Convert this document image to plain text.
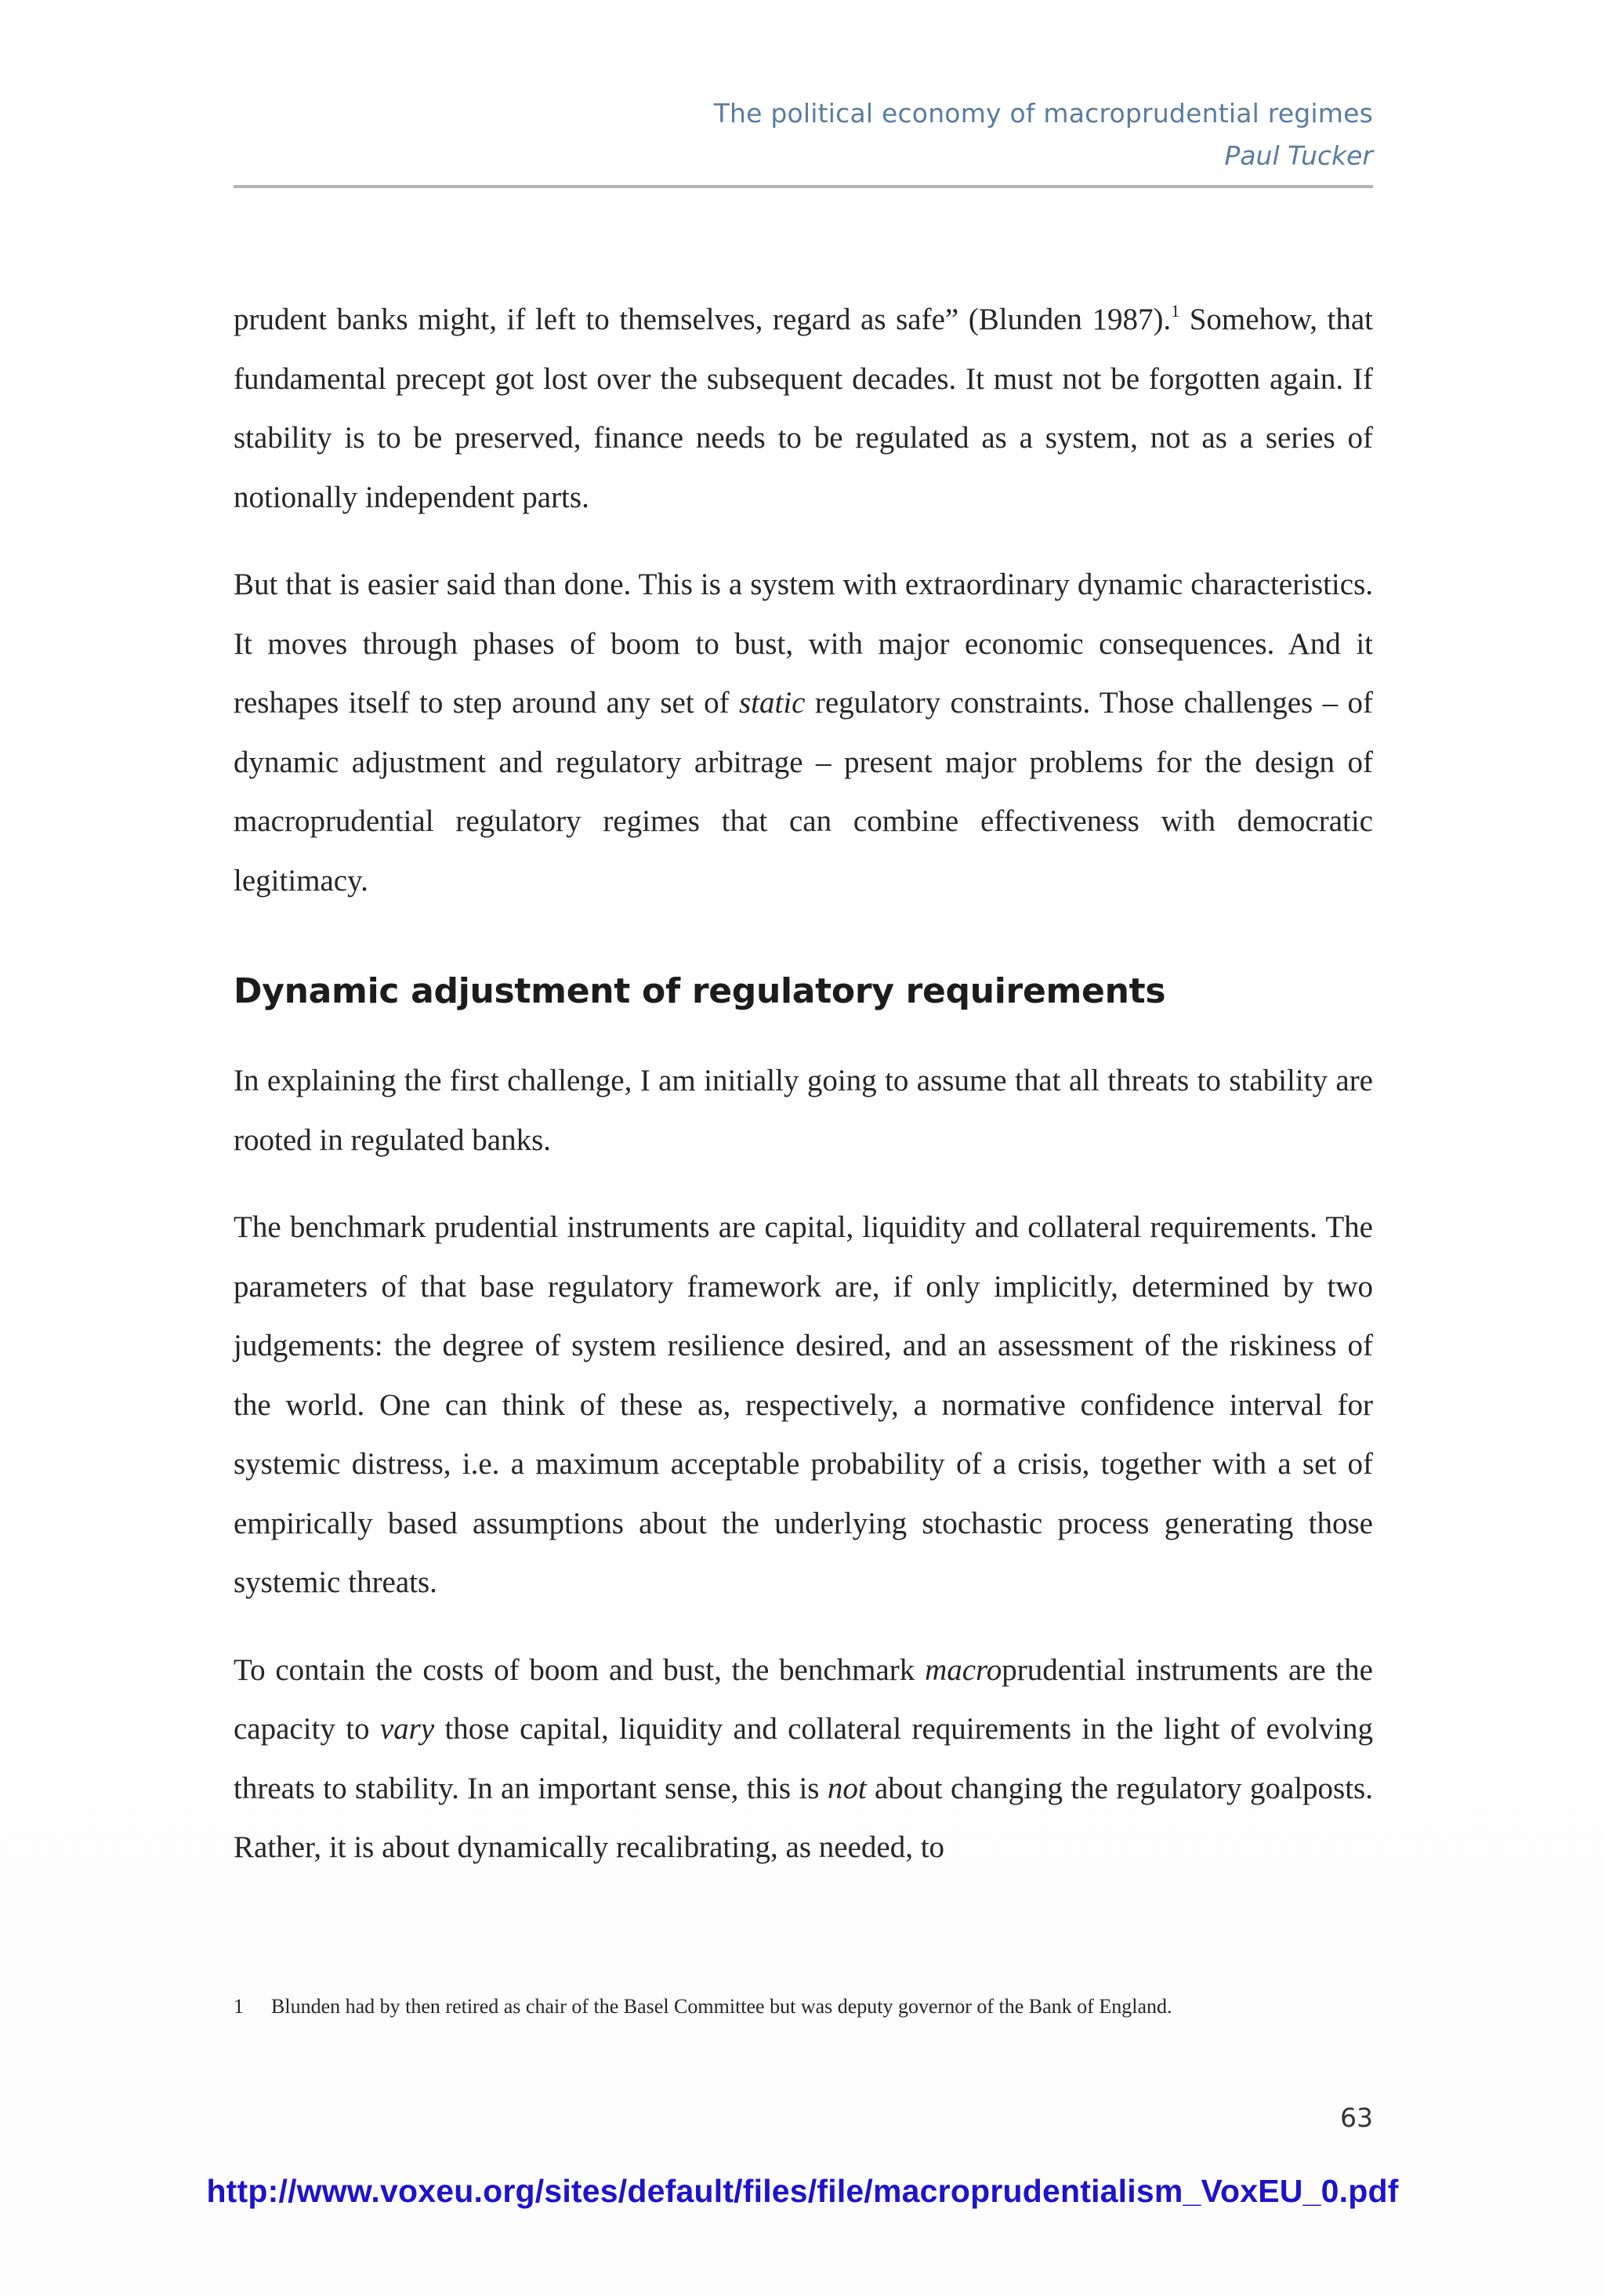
The political economy of macroprudential regimes
Paul Tucker

prudent banks might, if left to themselves, regard as safe” (Blunden 1987).$^1$ Somehow, that fundamental precept got lost over the subsequent decades. It must not be forgotten again. If stability is to be preserved, finance needs to be regulated as a system, not as a series of notionally independent parts.

But that is easier said than done. This is a system with extraordinary dynamic characteristics. It moves through phases of boom to bust, with major economic consequences. And it reshapes itself to step around any set of static regulatory constraints. Those challenges – of dynamic adjustment and regulatory arbitrage – present major problems for the design of macroprudential regulatory regimes that can combine effectiveness with democratic legitimacy.

Dynamic adjustment of regulatory requirements

In explaining the first challenge, I am initially going to assume that all threats to stability are rooted in regulated banks.

The benchmark prudential instruments are capital, liquidity and collateral requirements. The parameters of that base regulatory framework are, if only implicitly, determined by two judgements: the degree of system resilience desired, and an assessment of the riskiness of the world. One can think of these as, respectively, a normative confidence interval for systemic distress, i.e. a maximum acceptable probability of a crisis, together with a set of empirically based assumptions about the underlying stochastic process generating those systemic threats.

To contain the costs of boom and bust, the benchmark macroprudential instruments are the capacity to vary those capital, liquidity and collateral requirements in the light of evolving threats to stability. In an important sense, this is not about changing the regulatory goalposts. Rather, it is about dynamically recalibrating, as needed, to

1 Blunden had by then retired as chair of the Basel Committee but was deputy governor of the Bank of England.
63
http://www.voxeu.org/sites/default/files/file/macroprudentialism_VoxEU_0.pdf
